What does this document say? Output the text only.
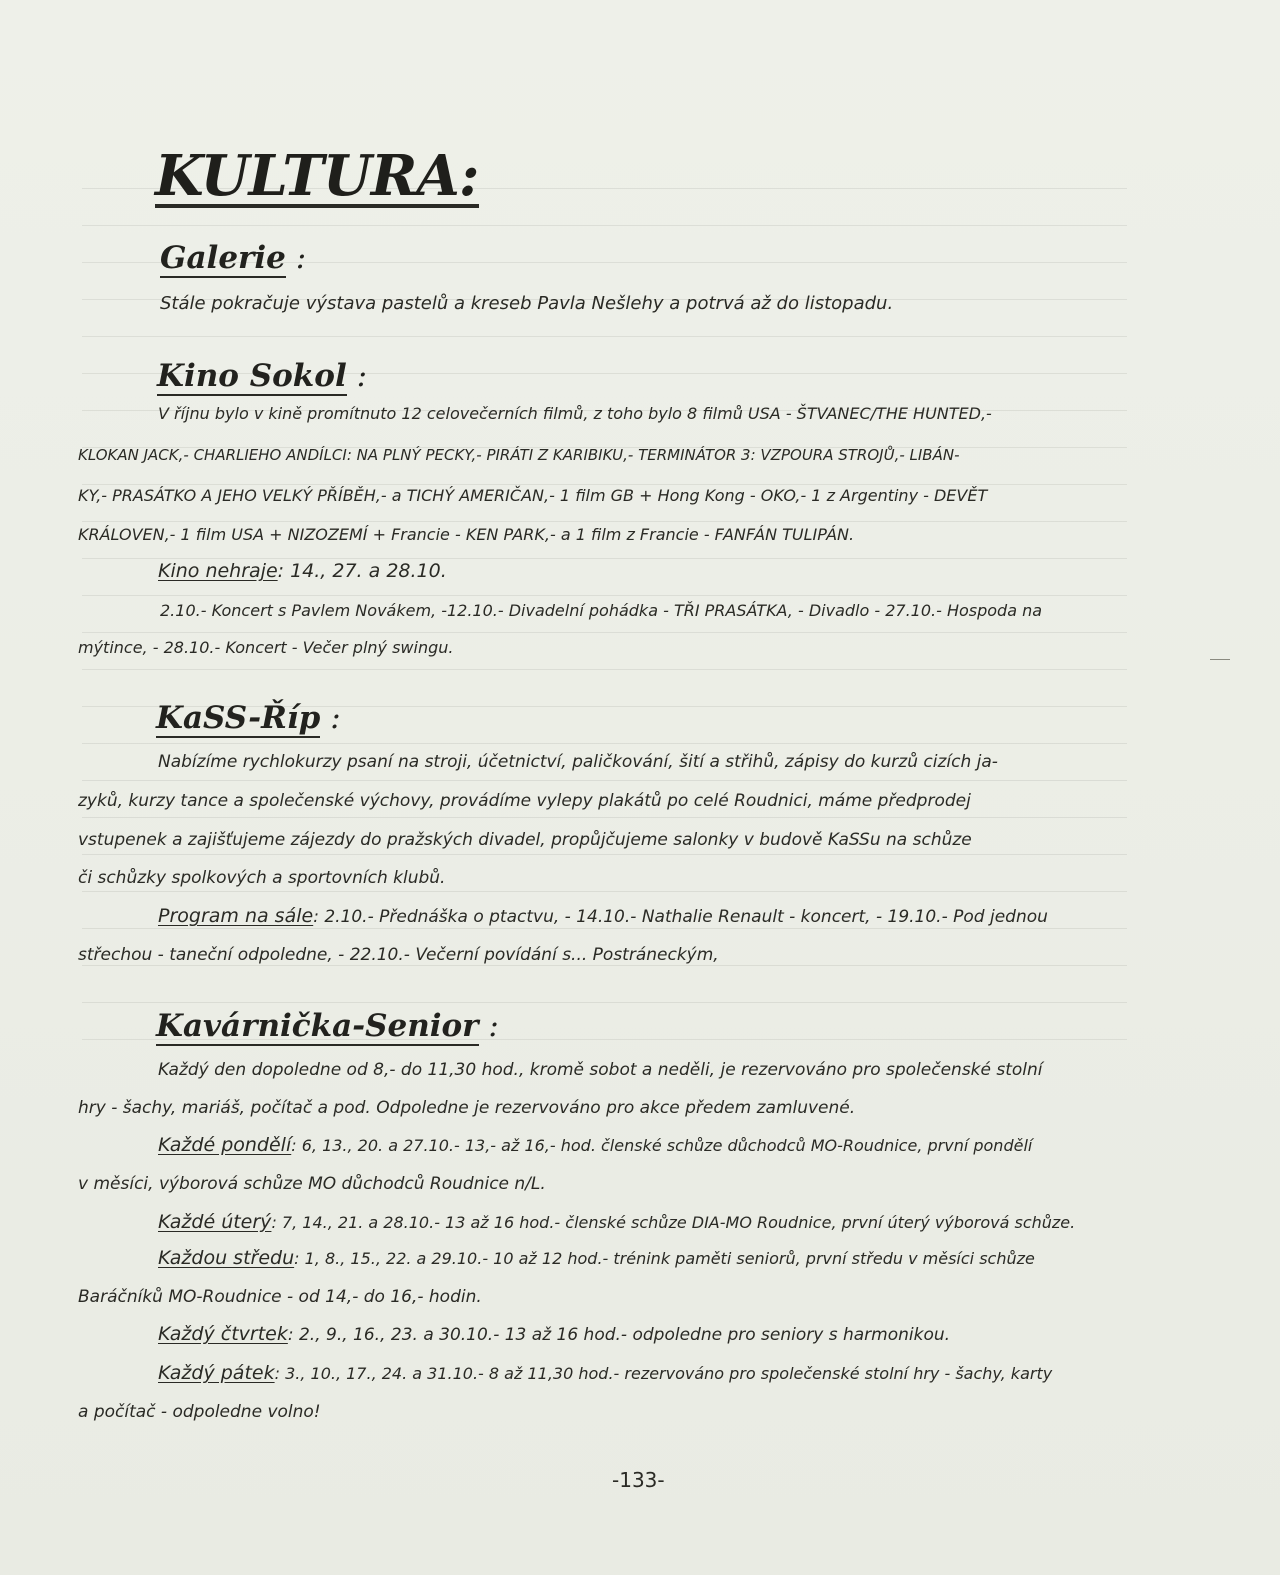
KULTURA:
Galerie :
Stále pokračuje výstava pastelů a kreseb Pavla Nešlehy a potrvá až do listopadu.
Kino Sokol :
V říjnu bylo v kině promítnuto 12 celovečerních filmů, z toho bylo 8 filmů USA - ŠTVANEC/THE HUNTED,-
KLOKAN JACK,- CHARLIEHO ANDÍLCI: NA PLNÝ PECKY,- PIRÁTI Z KARIBIKU,- TERMINÁTOR 3: VZPOURA STROJŮ,- LIBÁN-
KY,- PRASÁTKO A JEHO VELKÝ PŘÍBĚH,- a TICHÝ AMERIČAN,- 1 film GB + Hong Kong - OKO,- 1 z Argentiny - DEVĚT
KRÁLOVEN,- 1 film USA + NIZOZEMÍ + Francie - KEN PARK,- a 1 film z Francie - FANFÁN TULIPÁN.
Kino nehraje: 14., 27. a 28.10.
2.10.- Koncert s Pavlem Novákem, -12.10.- Divadelní pohádka - TŘI PRASÁTKA, - Divadlo - 27.10.- Hospoda na
mýtince, - 28.10.- Koncert - Večer plný swingu.
KaSS-Říp :
Nabízíme rychlokurzy psaní na stroji, účetnictví, paličkování, šití a střihů, zápisy do kurzů cizích ja-
zyků, kurzy tance a společenské výchovy, provádíme vylepy plakátů po celé Roudnici, máme předprodej
vstupenek a zajišťujeme zájezdy do pražských divadel, propůjčujeme salonky v budově KaSSu na schůze
či schůzky spolkových a sportovních klubů.
Program na sále: 2.10.- Přednáška o ptactvu, - 14.10.- Nathalie Renault - koncert, - 19.10.- Pod jednou
střechou - taneční odpoledne, - 22.10.- Večerní povídání s... Postráneckým,
Kavárnička-Senior :
Každý den dopoledne od 8,- do 11,30 hod., kromě sobot a neděli, je rezervováno pro společenské stolní
hry - šachy, mariáš, počítač a pod. Odpoledne je rezervováno pro akce předem zamluvené.
Každé pondělí: 6, 13., 20. a 27.10.- 13,- až 16,- hod. členské schůze důchodců MO-Roudnice, první pondělí
v měsíci, výborová schůze MO důchodců Roudnice n/L.
Každé úterý: 7, 14., 21. a 28.10.- 13 až 16 hod.- členské schůze DIA-MO Roudnice, první úterý výborová schůze.
Každou středu: 1, 8., 15., 22. a 29.10.- 10 až 12 hod.- trénink paměti seniorů, první středu v měsíci schůze
Baráčníků MO-Roudnice - od 14,- do 16,- hodin.
Každý čtvrtek: 2., 9., 16., 23. a 30.10.- 13 až 16 hod.- odpoledne pro seniory s harmonikou.
Každý pátek: 3., 10., 17., 24. a 31.10.- 8 až 11,30 hod.- rezervováno pro společenské stolní hry - šachy, karty
a počítač - odpoledne volno!
-133-
